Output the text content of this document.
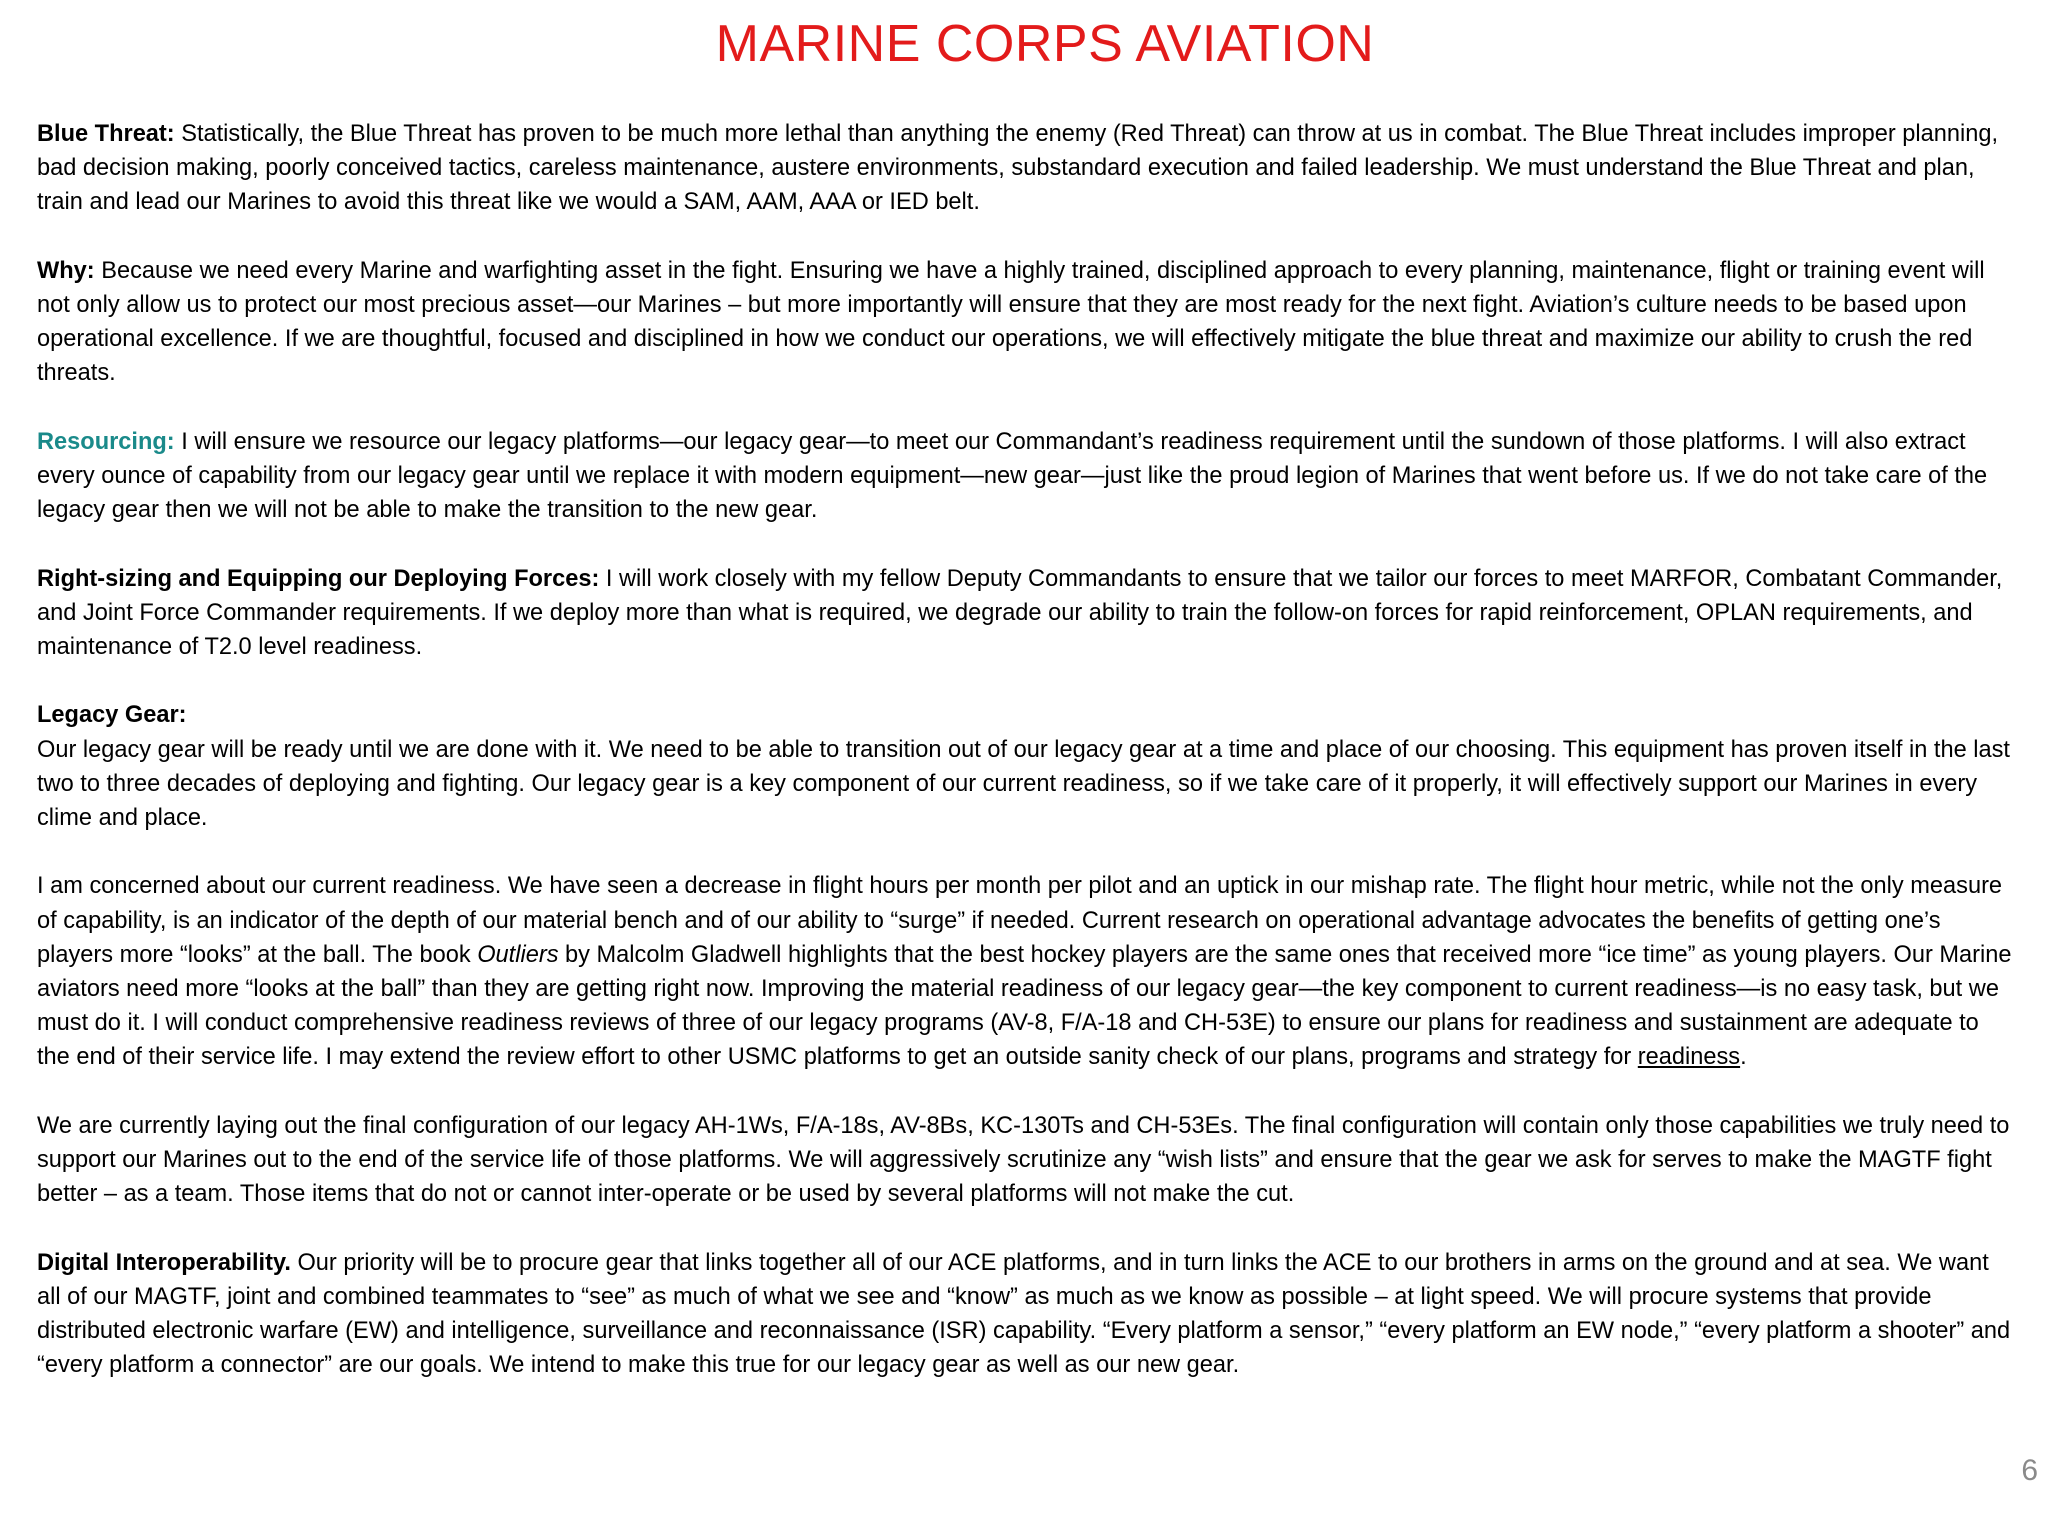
MARINE CORPS AVIATION

Blue Threat: Statistically, the Blue Threat has proven to be much more lethal than anything the enemy (Red Threat) can throw at us in combat. The Blue Threat includes improper planning, bad decision making, poorly conceived tactics, careless maintenance, austere environments, substandard execution and failed leadership. We must understand the Blue Threat and plan, train and lead our Marines to avoid this threat like we would a SAM, AAM, AAA or IED belt.

Why: Because we need every Marine and warfighting asset in the fight. Ensuring we have a highly trained, disciplined approach to every planning, maintenance, flight or training event will not only allow us to protect our most precious asset—our Marines – but more importantly will ensure that they are most ready for the next fight. Aviation’s culture needs to be based upon operational excellence. If we are thoughtful, focused and disciplined in how we conduct our operations, we will effectively mitigate the blue threat and maximize our ability to crush the red threats.

Resourcing: I will ensure we resource our legacy platforms—our legacy gear—to meet our Commandant’s readiness requirement until the sundown of those platforms. I will also extract every ounce of capability from our legacy gear until we replace it with modern equipment—new gear—just like the proud legion of Marines that went before us. If we do not take care of the legacy gear then we will not be able to make the transition to the new gear.

Right-sizing and Equipping our Deploying Forces: I will work closely with my fellow Deputy Commandants to ensure that we tailor our forces to meet MARFOR, Combatant Commander, and Joint Force Commander requirements. If we deploy more than what is required, we degrade our ability to train the follow-on forces for rapid reinforcement, OPLAN requirements, and maintenance of T2.0 level readiness.

Legacy Gear:
Our legacy gear will be ready until we are done with it. We need to be able to transition out of our legacy gear at a time and place of our choosing. This equipment has proven itself in the last two to three decades of deploying and fighting. Our legacy gear is a key component of our current readiness, so if we take care of it properly, it will effectively support our Marines in every clime and place.

I am concerned about our current readiness. We have seen a decrease in flight hours per month per pilot and an uptick in our mishap rate. The flight hour metric, while not the only measure of capability, is an indicator of the depth of our material bench and of our ability to “surge” if needed. Current research on operational advantage advocates the benefits of getting one’s players more “looks” at the ball. The book Outliers by Malcolm Gladwell highlights that the best hockey players are the same ones that received more “ice time” as young players. Our Marine aviators need more “looks at the ball” than they are getting right now. Improving the material readiness of our legacy gear—the key component to current readiness—is no easy task, but we must do it. I will conduct comprehensive readiness reviews of three of our legacy programs (AV-8, F/A-18 and CH-53E) to ensure our plans for readiness and sustainment are adequate to the end of their service life. I may extend the review effort to other USMC platforms to get an outside sanity check of our plans, programs and strategy for readiness.

We are currently laying out the final configuration of our legacy AH-1Ws, F/A-18s, AV-8Bs, KC-130Ts and CH-53Es. The final configuration will contain only those capabilities we truly need to support our Marines out to the end of the service life of those platforms. We will aggressively scrutinize any “wish lists” and ensure that the gear we ask for serves to make the MAGTF fight better – as a team. Those items that do not or cannot inter-operate or be used by several platforms will not make the cut.

Digital Interoperability. Our priority will be to procure gear that links together all of our ACE platforms, and in turn links the ACE to our brothers in arms on the ground and at sea. We want all of our MAGTF, joint and combined teammates to “see” as much of what we see and “know” as much as we know as possible – at light speed. We will procure systems that provide distributed electronic warfare (EW) and intelligence, surveillance and reconnaissance (ISR) capability. “Every platform a sensor,” “every platform an EW node,” “every platform a shooter” and “every platform a connector” are our goals. We intend to make this true for our legacy gear as well as our new gear.

6
